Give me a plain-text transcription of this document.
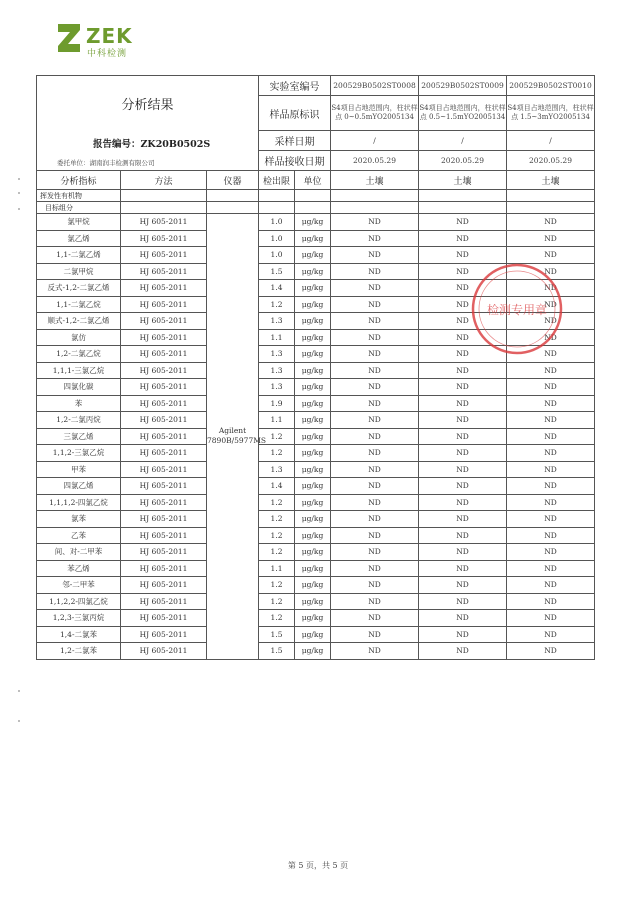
ZEK
中科检测
分析结果
报告编号：ZK20B0502S
委托单位：湖南润丰检测有限公司			实验室编号		200529B0502ST0008	200529B0502ST0009	200529B0502ST0010
			样品原标识		S4项目占地范围内，柱状样点 0~0.5mYO2005134	S4项目占地范围内，柱状样点 0.5~1.5mYO2005134	S4项目占地范围内，柱状样点 1.5~3mYO2005134
			采样日期		/	/	/
			样品接收日期		2020.05.29	2020.05.29	2020.05.29
分析指标	方法	仪器	检出限	单位	土壤	土壤	土壤
挥发性有机物							
目标组分							
氯甲烷	HJ 605-2011	Agilent 7890B/5977MS	1.0	μg/kg	ND	ND	ND
氯乙烯	HJ 605-2011		1.0	μg/kg	ND	ND	ND
1,1-二氯乙烯	HJ 605-2011		1.0	μg/kg	ND	ND	ND
二氯甲烷	HJ 605-2011		1.5	μg/kg	ND	ND	ND
反式-1,2-二氯乙烯	HJ 605-2011		1.4	μg/kg	ND	ND	ND
1,1-二氯乙烷	HJ 605-2011		1.2	μg/kg	ND	ND	ND
顺式-1,2-二氯乙烯	HJ 605-2011		1.3	μg/kg	ND	ND	ND
氯仿	HJ 605-2011		1.1	μg/kg	ND	ND	ND
1,2-二氯乙烷	HJ 605-2011		1.3	μg/kg	ND	ND	ND
1,1,1-三氯乙烷	HJ 605-2011		1.3	μg/kg	ND	ND	ND
四氯化碳	HJ 605-2011		1.3	μg/kg	ND	ND	ND
苯	HJ 605-2011		1.9	μg/kg	ND	ND	ND
1,2-二氯丙烷	HJ 605-2011		1.1	μg/kg	ND	ND	ND
三氯乙烯	HJ 605-2011		1.2	μg/kg	ND	ND	ND
1,1,2-三氯乙烷	HJ 605-2011		1.2	μg/kg	ND	ND	ND
甲苯	HJ 605-2011		1.3	μg/kg	ND	ND	ND
四氯乙烯	HJ 605-2011		1.4	μg/kg	ND	ND	ND
1,1,1,2-四氯乙烷	HJ 605-2011		1.2	μg/kg	ND	ND	ND
氯苯	HJ 605-2011		1.2	μg/kg	ND	ND	ND
乙苯	HJ 605-2011		1.2	μg/kg	ND	ND	ND
间、对-二甲苯	HJ 605-2011		1.2	μg/kg	ND	ND	ND
苯乙烯	HJ 605-2011		1.1	μg/kg	ND	ND	ND
邻-二甲苯	HJ 605-2011		1.2	μg/kg	ND	ND	ND
1,1,2,2-四氯乙烷	HJ 605-2011		1.2	μg/kg	ND	ND	ND
1,2,3-三氯丙烷	HJ 605-2011		1.2	μg/kg	ND	ND	ND
1,4-二氯苯	HJ 605-2011		1.5	μg/kg	ND	ND	ND
1,2-二氯苯	HJ 605-2011		1.5	μg/kg	ND	ND	ND
检测专用章
第 5 页，共 5 页
